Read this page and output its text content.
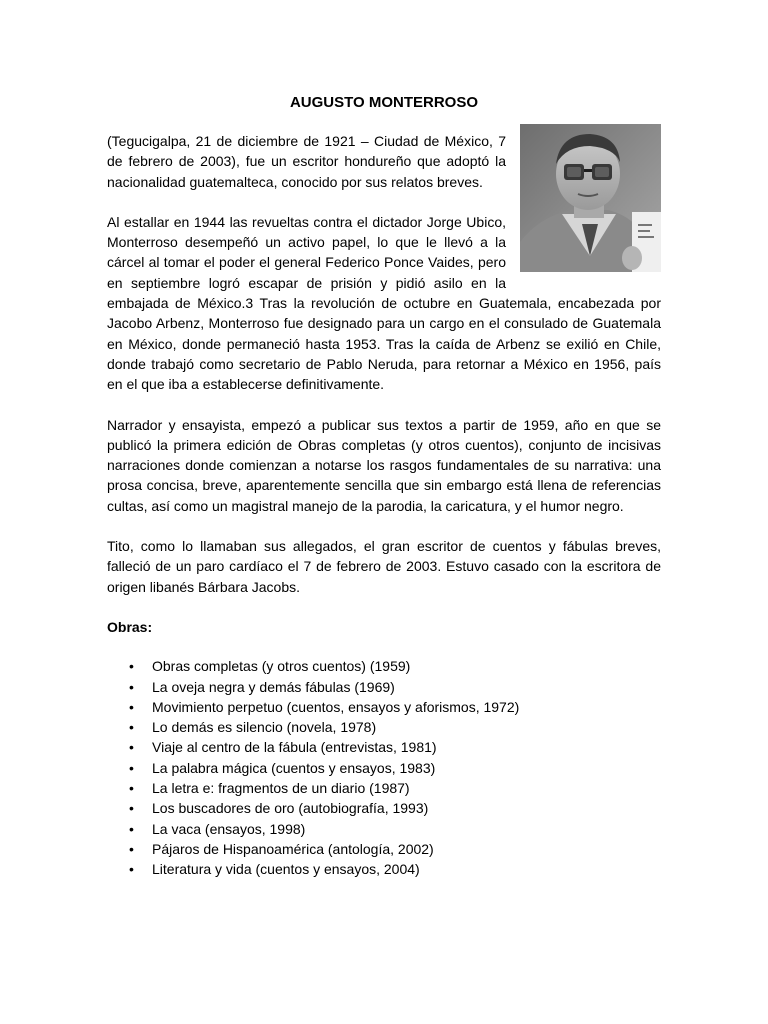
AUGUSTO MONTERROSO

(Tegucigalpa, 21 de diciembre de 1921 – Ciudad de México, 7 de febrero de 2003), fue un escritor hondureño que adoptó la nacionalidad guatemalteca, conocido por sus relatos breves.

Al estallar en 1944 las revueltas contra el dictador Jorge Ubico, Monterroso desempeñó un activo papel, lo que le llevó a la cárcel al tomar el poder el general Federico Ponce Vaides, pero en septiembre logró escapar de prisión y pidió asilo en la embajada de México.3 Tras la revolución de octubre en Guatemala, encabezada por Jacobo Arbenz, Monterroso fue designado para un cargo en el consulado de Guatemala en México, donde permaneció hasta 1953. Tras la caída de Arbenz se exilió en Chile, donde trabajó como secretario de Pablo Neruda, para retornar a México en 1956, país en el que iba a establecerse definitivamente.

Narrador y ensayista, empezó a publicar sus textos a partir de 1959, año en que se publicó la primera edición de Obras completas (y otros cuentos), conjunto de incisivas narraciones donde comienzan a notarse los rasgos fundamentales de su narrativa: una prosa concisa, breve, aparentemente sencilla que sin embargo está llena de referencias cultas, así como un magistral manejo de la parodia, la caricatura, y el humor negro.

Tito, como lo llamaban sus allegados, el gran escritor de cuentos y fábulas breves, falleció de un paro cardíaco el 7 de febrero de 2003. Estuvo casado con la escritora de origen libanés Bárbara Jacobs.

Obras:
• Obras completas (y otros cuentos) (1959)
• La oveja negra y demás fábulas (1969)
• Movimiento perpetuo (cuentos, ensayos y aforismos, 1972)
• Lo demás es silencio (novela, 1978)
• Viaje al centro de la fábula (entrevistas, 1981)
• La palabra mágica (cuentos y ensayos, 1983)
• La letra e: fragmentos de un diario (1987)
• Los buscadores de oro (autobiografía, 1993)
• La vaca (ensayos, 1998)
• Pájaros de Hispanoamérica (antología, 2002)
• Literatura y vida (cuentos y ensayos, 2004)
